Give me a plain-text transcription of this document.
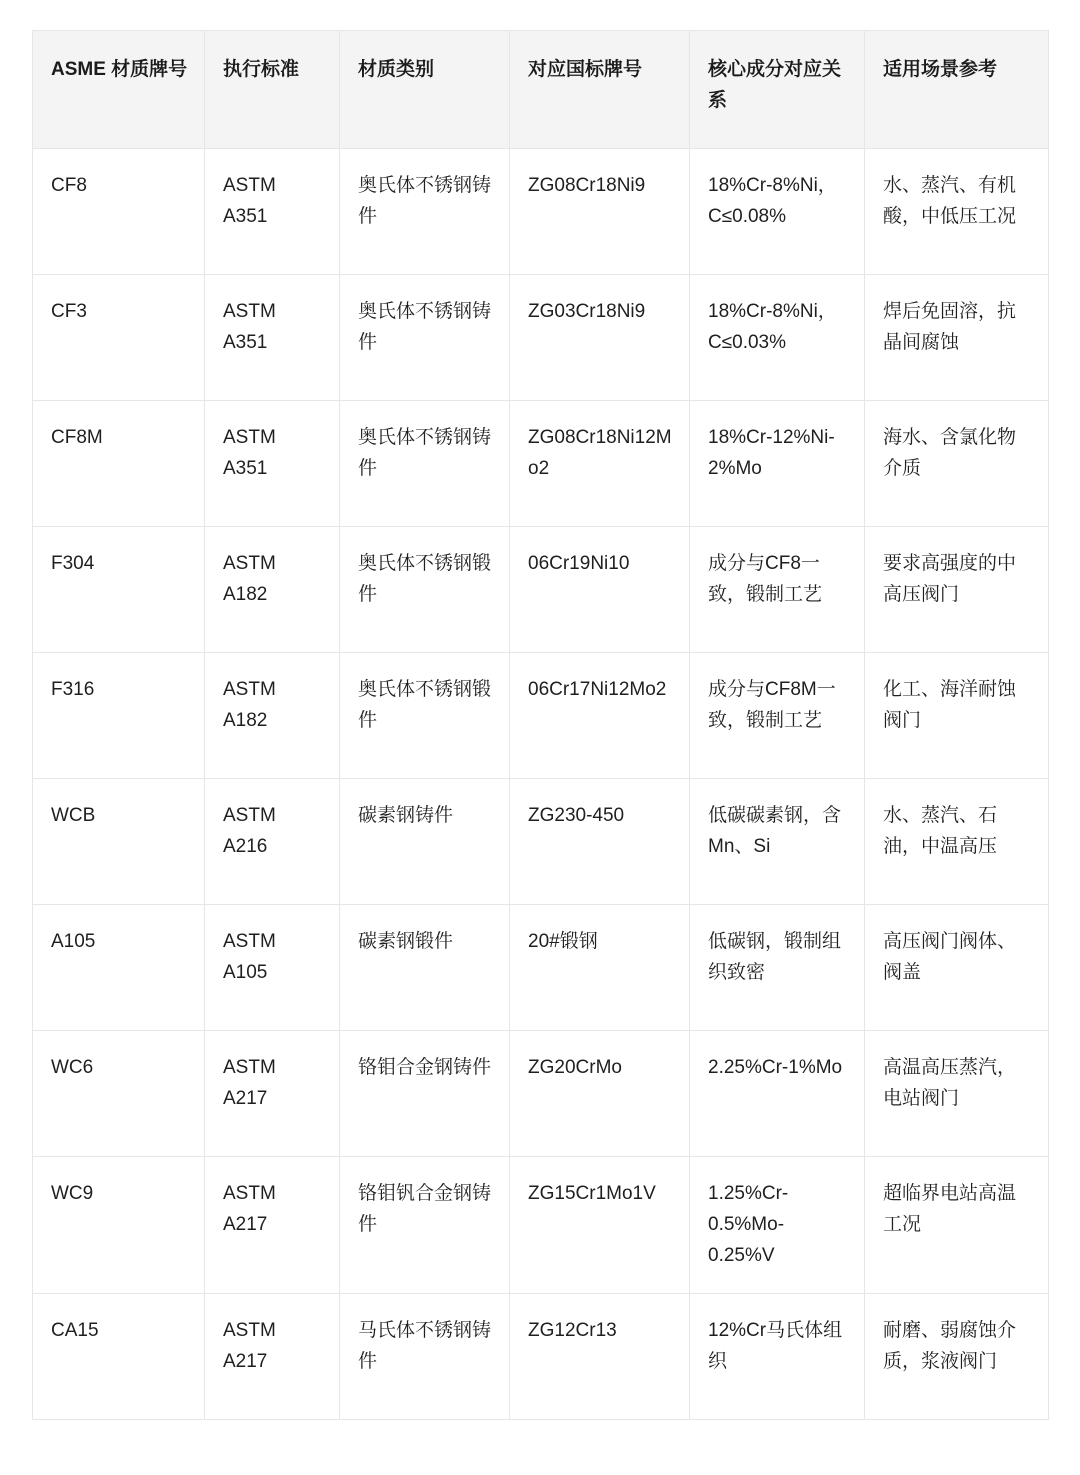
ASME 材质牌号	执行标准	材质类别	对应国标牌号	核心成分对应关系	适用场景参考
CF8	ASTM A351	奥氏体不锈钢铸件	ZG08Cr18Ni9	18%Cr-8%Ni，C≤0.08%	水、蒸汽、有机酸，中低压工况
CF3	ASTM A351	奥氏体不锈钢铸件	ZG03Cr18Ni9	18%Cr-8%Ni，C≤0.03%	焊后免固溶，抗晶间腐蚀
CF8M	ASTM A351	奥氏体不锈钢铸件	ZG08Cr18Ni12Mo2	18%Cr-12%Ni-2%Mo	海水、含氯化物介质
F304	ASTM A182	奥氏体不锈钢锻件	06Cr19Ni10	成分与CF8一致，锻制工艺	要求高强度的中高压阀门
F316	ASTM A182	奥氏体不锈钢锻件	06Cr17Ni12Mo2	成分与CF8M一致，锻制工艺	化工、海洋耐蚀阀门
WCB	ASTM A216	碳素钢铸件	ZG230-450	低碳碳素钢，含Mn、Si	水、蒸汽、石油，中温高压
A105	ASTM A105	碳素钢锻件	20#锻钢	低碳钢，锻制组织致密	高压阀门阀体、阀盖
WC6	ASTM A217	铬钼合金钢铸件	ZG20CrMo	2.25%Cr-1%Mo	高温高压蒸汽，电站阀门
WC9	ASTM A217	铬钼钒合金钢铸件	ZG15Cr1Mo1V	1.25%Cr-0.5%Mo-0.25%V	超临界电站高温工况
CA15	ASTM A217	马氏体不锈钢铸件	ZG12Cr13	12%Cr马氏体组织	耐磨、弱腐蚀介质，浆液阀门
